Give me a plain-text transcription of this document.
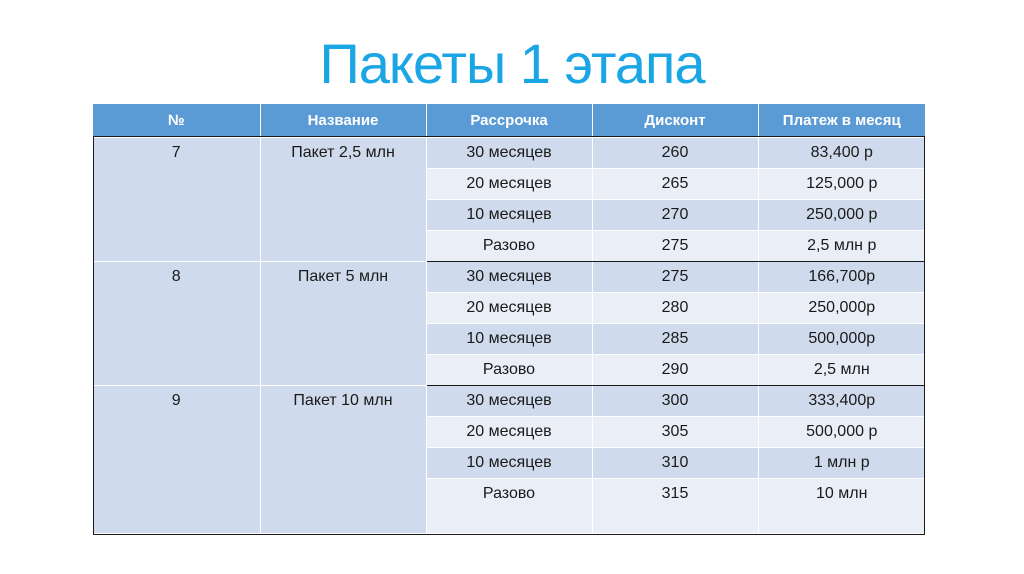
Пакеты 1 этапа
№	Название	Рассрочка	Дисконт	Платеж в месяц
7	Пакет 2,5 млн	30 месяцев	260	83,400 р
		20 месяцев	265	125,000 р
		10 месяцев	270	250,000 р
		Разово	275	2,5 млн р
8	Пакет 5 млн	30 месяцев	275	166,700р
		20 месяцев	280	250,000р
		10 месяцев	285	500,000р
		Разово	290	2,5 млн
9	Пакет 10 млн	30 месяцев	300	333,400р
		20 месяцев	305	500,000 р
		10 месяцев	310	1 млн р
		Разово	315	10 млн
